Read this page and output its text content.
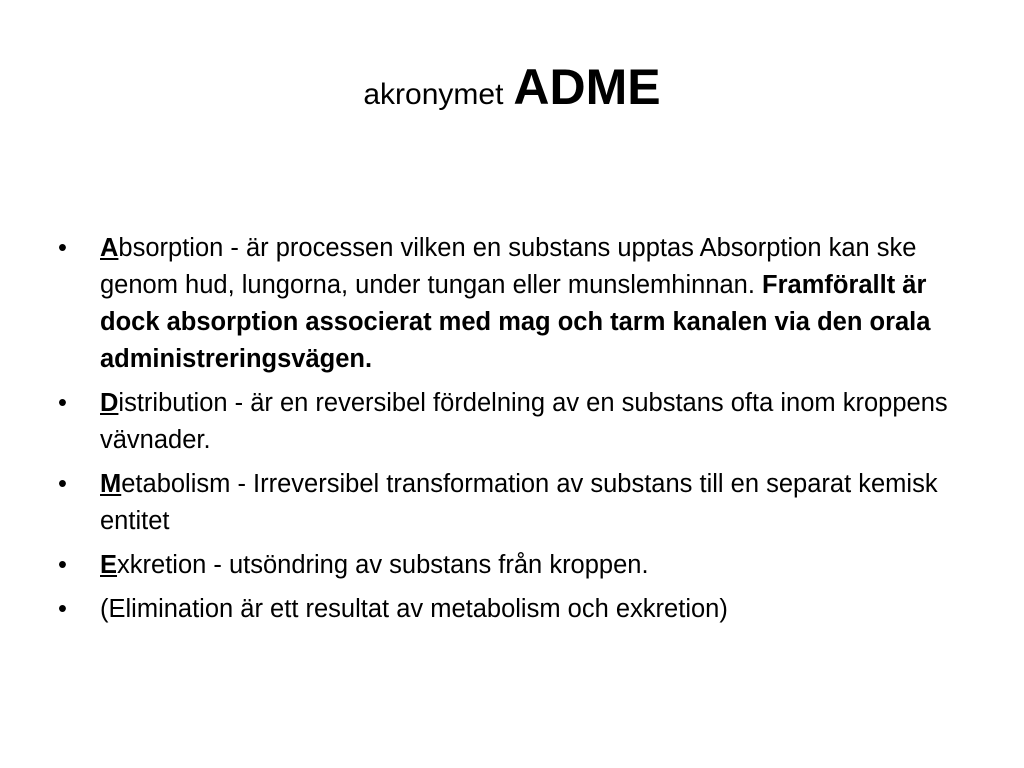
akronymet ADME
•	Absorption - är processen vilken en substans upptas Absorption kan ske genom hud, lungorna, under tungan eller munslemhinnan. Framförallt är dock absorption associerat med mag och tarm kanalen via den orala administreringsvägen.
•	Distribution - är en reversibel fördelning av en substans ofta inom kroppens vävnader.
•	Metabolism - Irreversibel transformation av substans till en separat kemisk entitet
•	Exkretion - utsöndring av substans från kroppen.
•	(Elimination är ett resultat av metabolism och exkretion)
